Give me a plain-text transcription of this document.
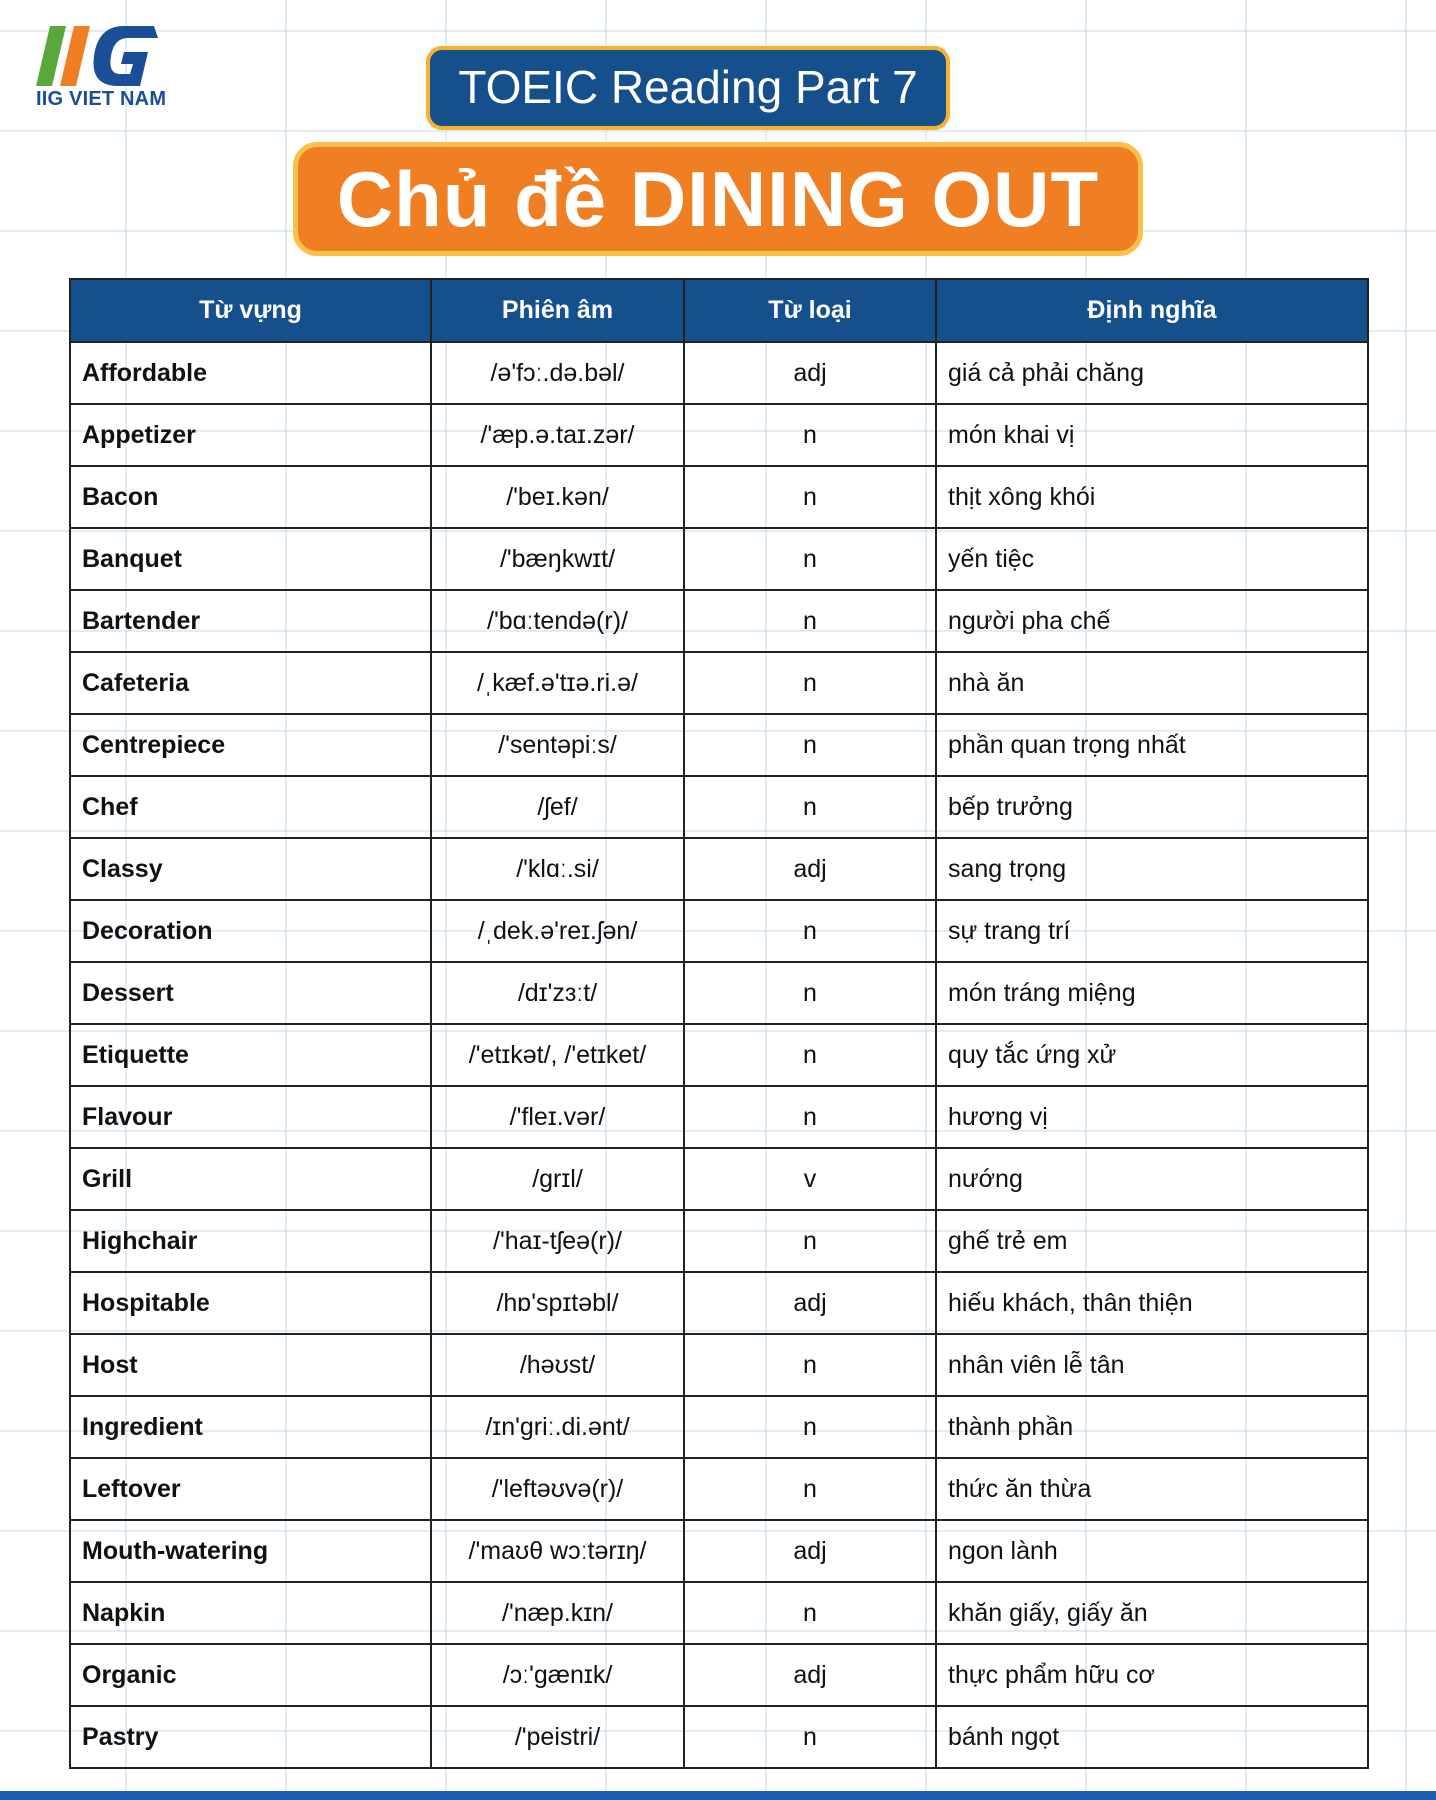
IIG VIET NAM	TOEIC Reading Part 7
Chủ đề DINING OUT
Từ vựng	Phiên âm	Từ loại	Định nghĩa
Affordable	/ə'fɔː.də.bəl/	adj	giá cả phải chăng
Appetizer	/'æp.ə.taɪ.zər/	n	món khai vị
Bacon	/'beɪ.kən/	n	thịt xông khói
Banquet	/'bæŋkwɪt/	n	yến tiệc
Bartender	/'bɑːtendə(r)/	n	người pha chế
Cafeteria	/ˌkæf.ə'tɪə.ri.ə/	n	nhà ăn
Centrepiece	/'sentəpiːs/	n	phần quan trọng nhất
Chef	/ʃef/	n	bếp trưởng
Classy	/'klɑː.si/	adj	sang trọng
Decoration	/ˌdek.ə'reɪ.ʃən/	n	sự trang trí
Dessert	/dɪ'zɜːt/	n	món tráng miệng
Etiquette	/'etɪkət/, /'etɪket/	n	quy tắc ứng xử
Flavour	/'fleɪ.vər/	n	hương vị
Grill	/grɪl/	v	nướng
Highchair	/'haɪ-tʃeə(r)/	n	ghế trẻ em
Hospitable	/hɒ'spɪtəbl/	adj	hiếu khách, thân thiện
Host	/həʊst/	n	nhân viên lễ tân
Ingredient	/ɪn'griː.di.ənt/	n	thành phần
Leftover	/'leftəʊvə(r)/	n	thức ăn thừa
Mouth-watering	/'maʊθ wɔːtərɪŋ/	adj	ngon lành
Napkin	/'næp.kɪn/	n	khăn giấy, giấy ăn
Organic	/ɔː'gænɪk/	adj	thực phẩm hữu cơ
Pastry	/'peistri/	n	bánh ngọt
